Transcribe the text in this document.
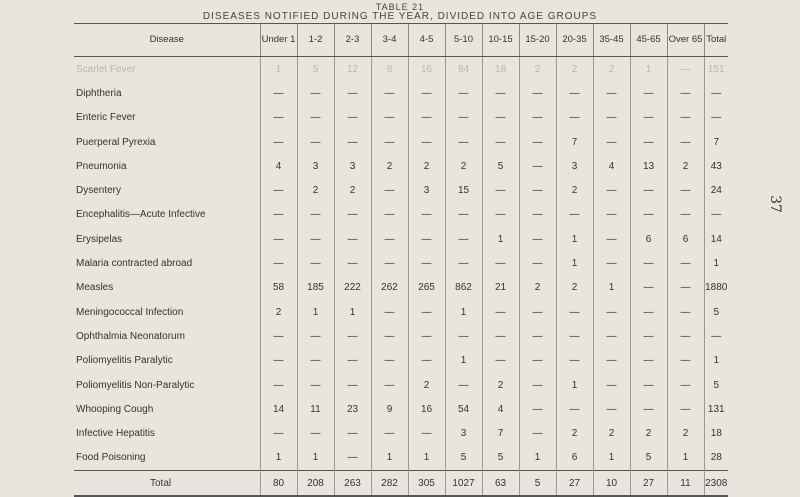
TABLE 21
DISEASES NOTIFIED DURING THE YEAR, DIVIDED INTO AGE GROUPS
Disease	Under 1	1-2	2-3	3-4	4-5	5-10	10-15	15-20	20-35	35-45	45-65	Over 65	Total
Scarlet Fever	1	5	12	8	16	84	18	2	2	2	1	—	151
Diphtheria	—	—	—	—	—	—	—	—	—	—	—	—	—
Enteric Fever	—	—	—	—	—	—	—	—	—	—	—	—	—
Puerperal Pyrexia	—	—	—	—	—	—	—	—	7	—	—	—	7
Pneumonia	4	3	3	2	2	2	5	—	3	4	13	2	43
Dysentery	—	2	2	—	3	15	—	—	2	—	—	—	24
Encephalitis—Acute Infective	—	—	—	—	—	—	—	—	—	—	—	—	—
Erysipelas	—	—	—	—	—	—	1	—	1	—	6	6	14
Malaria contracted abroad	—	—	—	—	—	—	—	—	1	—	—	—	1
Measles	58	185	222	262	265	862	21	2	2	1	—	—	1880
Meningococcal Infection	2	1	1	—	—	1	—	—	—	—	—	—	5
Ophthalmia Neonatorum	—	—	—	—	—	—	—	—	—	—	—	—	—
Poliomyelitis Paralytic	—	—	—	—	—	1	—	—	—	—	—	—	1
Poliomyelitis Non-Paralytic	—	—	—	—	2	—	2	—	1	—	—	—	5
Whooping Cough	14	11	23	9	16	54	4	—	—	—	—	—	131
Infective Hepatitis	—	—	—	—	—	3	7	—	2	2	2	2	18
Food Poisoning	1	1	—	1	1	5	5	1	6	1	5	1	28
Total	80	208	263	282	305	1027	63	5	27	10	27	11	2308
37
